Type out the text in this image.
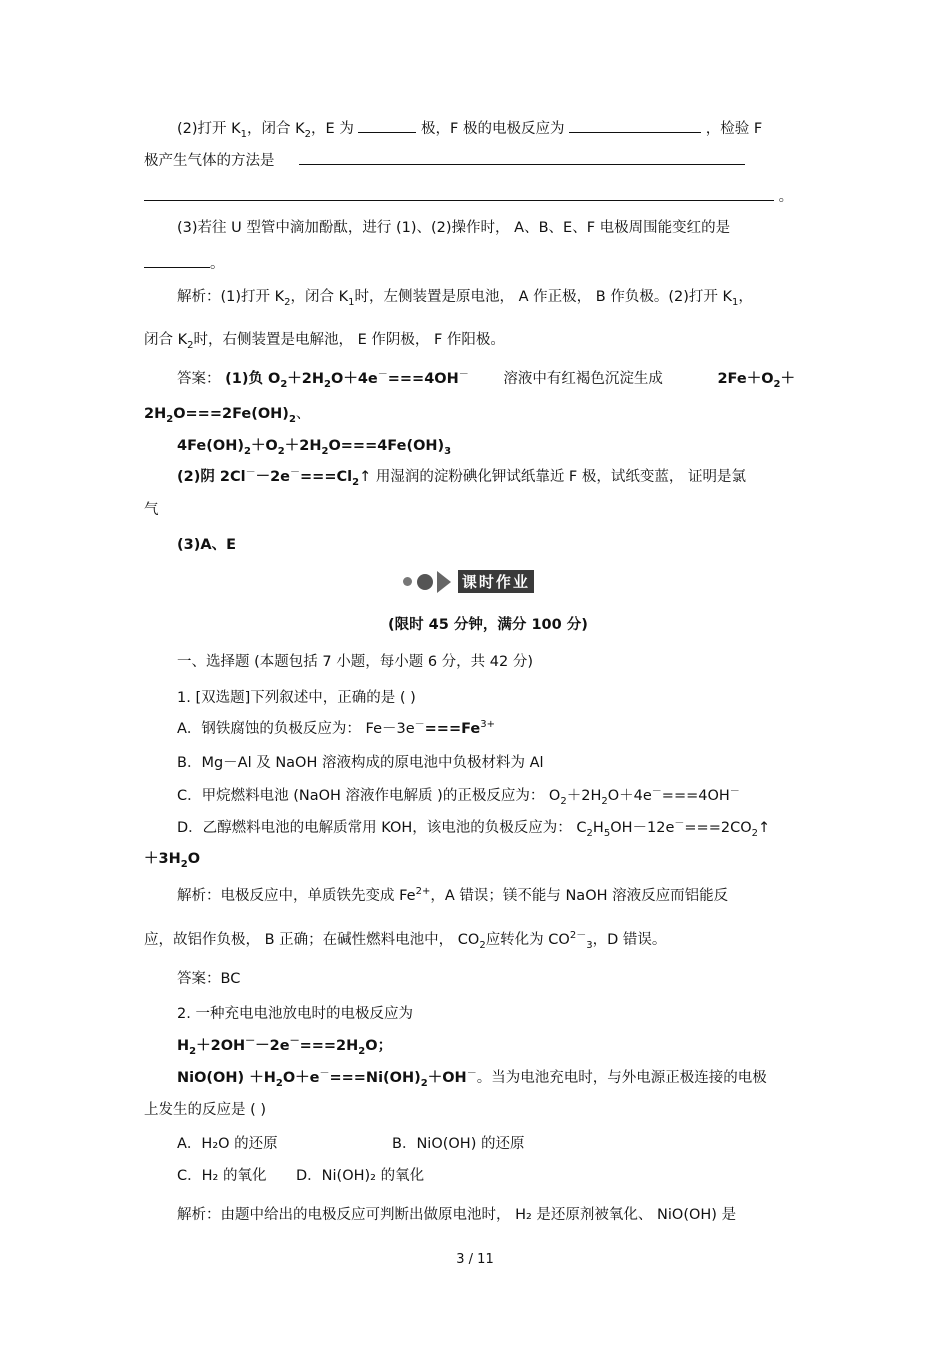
(2)打开 $K_1$，闭合 $K_2$，E 为	极，F 极的电极反应为	，检验 F
极产生气体的方法是
。
(3)若往 U 型管中滴加酚酞，进行 (1)、(2)操作时， A、B、E、F 电极周围能变红的是
。
解析：(1)打开 $K_2$，闭合 $K_1$时，左侧装置是原电池， A 作正极， B 作负极。(2)打开 $K_1$，
闭合 $K_2$时，右侧装置是电解池， E 作阴极， F 作阳极。
答案： (1)负 $O_2+2H_2O+4e^-===4OH^-$ 溶液中有红褐色沉淀生成	$2Fe+O_2+$
$2H_2O===2Fe(OH)_2$、
$4Fe(OH)_2+O_2+2H_2O===4Fe(OH)_3$
(2)阴 $2Cl^--2e^-===Cl_2↑$ 用湿润的淀粉碘化钾试纸靠近 F 极，试纸变蓝， 证明是氯
气
(3)A、E
课时作业
(限时 45 分钟，满分 100 分)
一、选择题 (本题包括 7 小题，每小题 6 分，共 42 分)
1. [双选题]下列叙述中，正确的是 ( )
A．钢铁腐蚀的负极反应为： $Fe-3e^-===Fe^{3+}$
B．Mg－Al 及 NaOH 溶液构成的原电池中负极材料为 Al
C．甲烷燃料电池 (NaOH 溶液作电解质 )的正极反应为： $O_2+2H_2O+4e^-===4OH^-$
D．乙醇燃料电池的电解质常用 KOH，该电池的负极反应为： $C_2H_5OH-12e^-===2CO_2↑$
$+3H_2O$
解析：电极反应中，单质铁先变成 $Fe^{2+}$，A 错误；镁不能与 NaOH 溶液反应而铝能反
应，故铝作负极， B 正确；在碱性燃料电池中， $CO_2$应转化为 $CO^{2-}_3$，D 错误。
答案：BC
2. 一种充电电池放电时的电极反应为
$H_2+2OH^--2e^-===2H_2O$；
$NiO(OH) +H_2O+e^-===Ni(OH)_2+OH^-$。当为电池充电时，与外电源正极连接的电极
上发生的反应是 ( )
A．H₂O 的还原	B．NiO(OH) 的还原
C．H₂ 的氧化 D．Ni(OH)₂ 的氧化
解析：由题中给出的电极反应可判断出做原电池时， H₂ 是还原剂被氧化、 NiO(OH) 是
3 / 11
